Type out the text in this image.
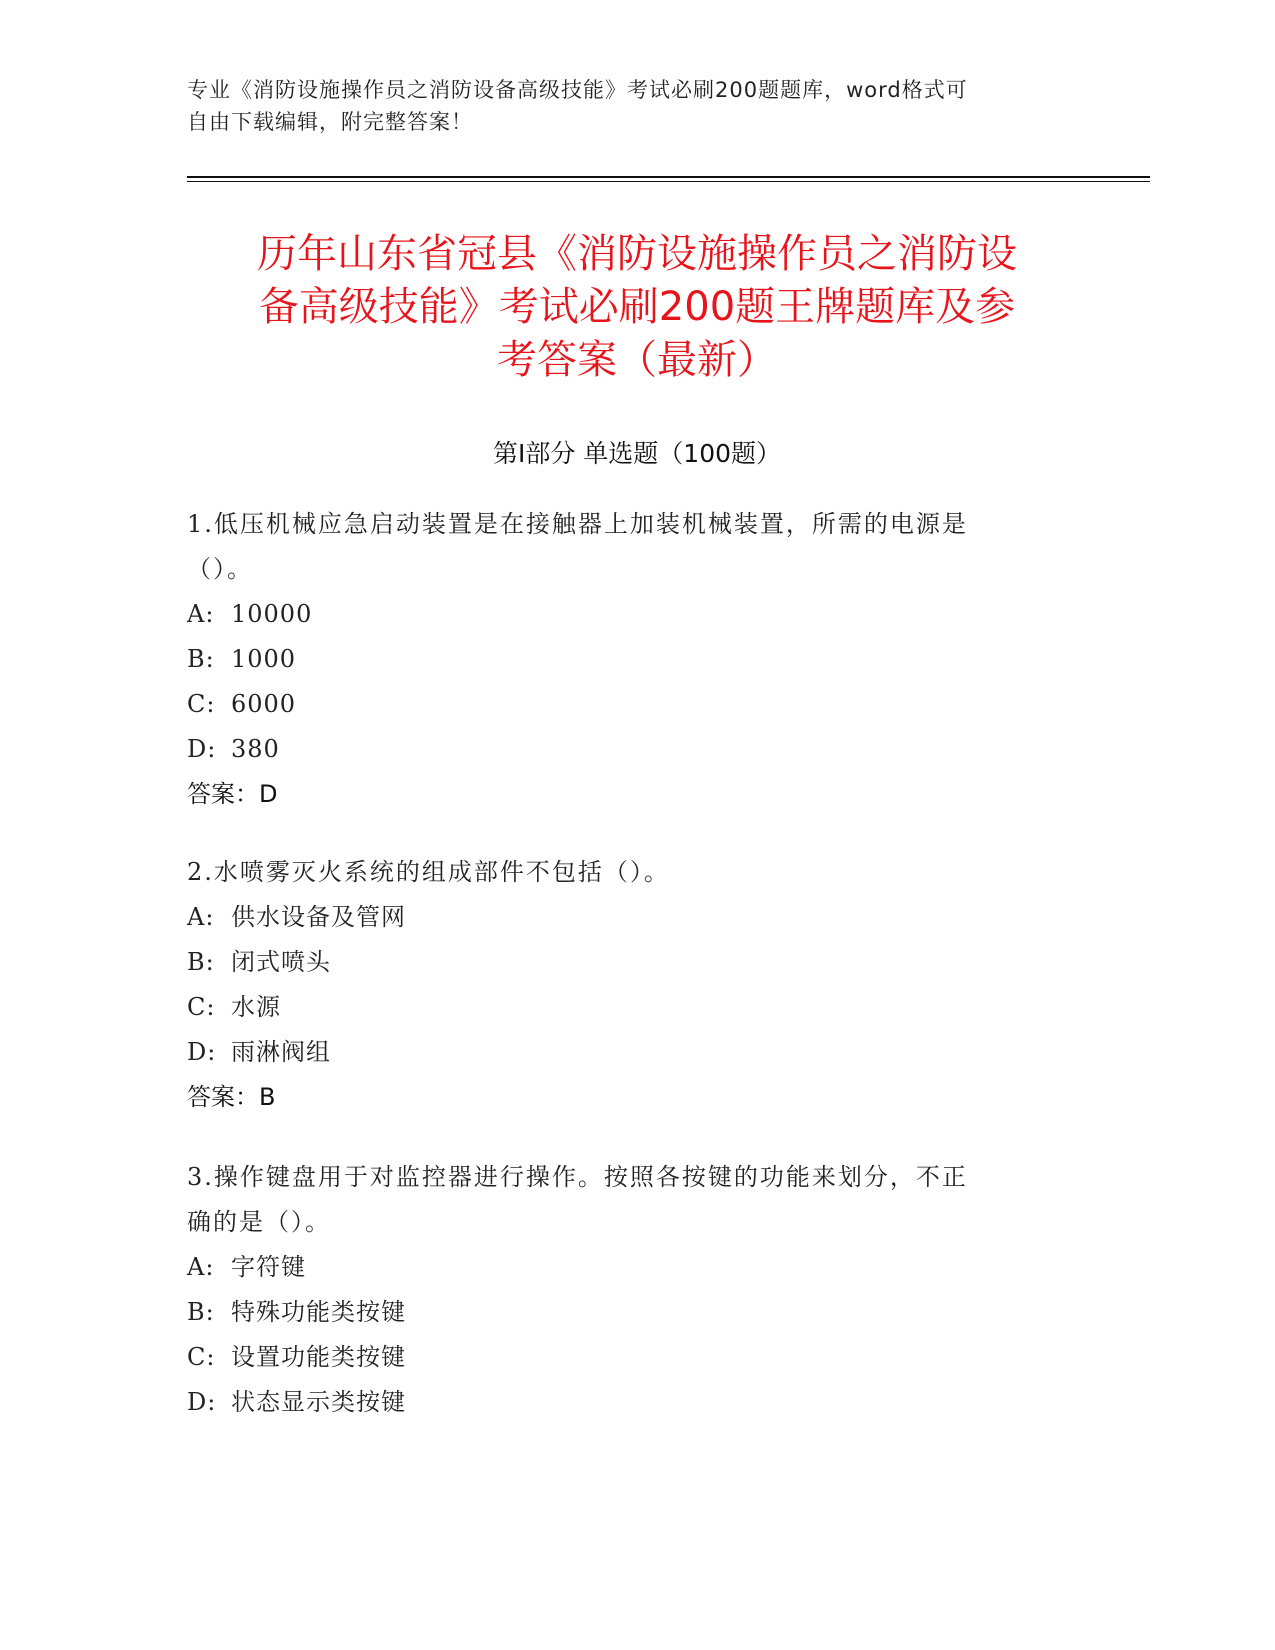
专业《消防设施操作员之消防设备高级技能》考试必刷200题题库，word格式可
自由下载编辑，附完整答案！
历年山东省冠县《消防设施操作员之消防设
备高级技能》考试必刷200题王牌题库及参
考答案（最新）
第Ⅰ部分 单选题（100题）

1.低压机械应急启动装置是在接触器上加装机械装置，所需的电源是
（）。

A: 10000

B: 1000

C: 6000

D: 380

答案：D

2.水喷雾灭火系统的组成部件不包括（）。

A: 供水设备及管网

B: 闭式喷头

C: 水源

D: 雨淋阀组

答案：B

3.操作键盘用于对监控器进行操作。按照各按键的功能来划分，不正
确的是（）。

A: 字符键

B: 特殊功能类按键

C: 设置功能类按键

D: 状态显示类按键
